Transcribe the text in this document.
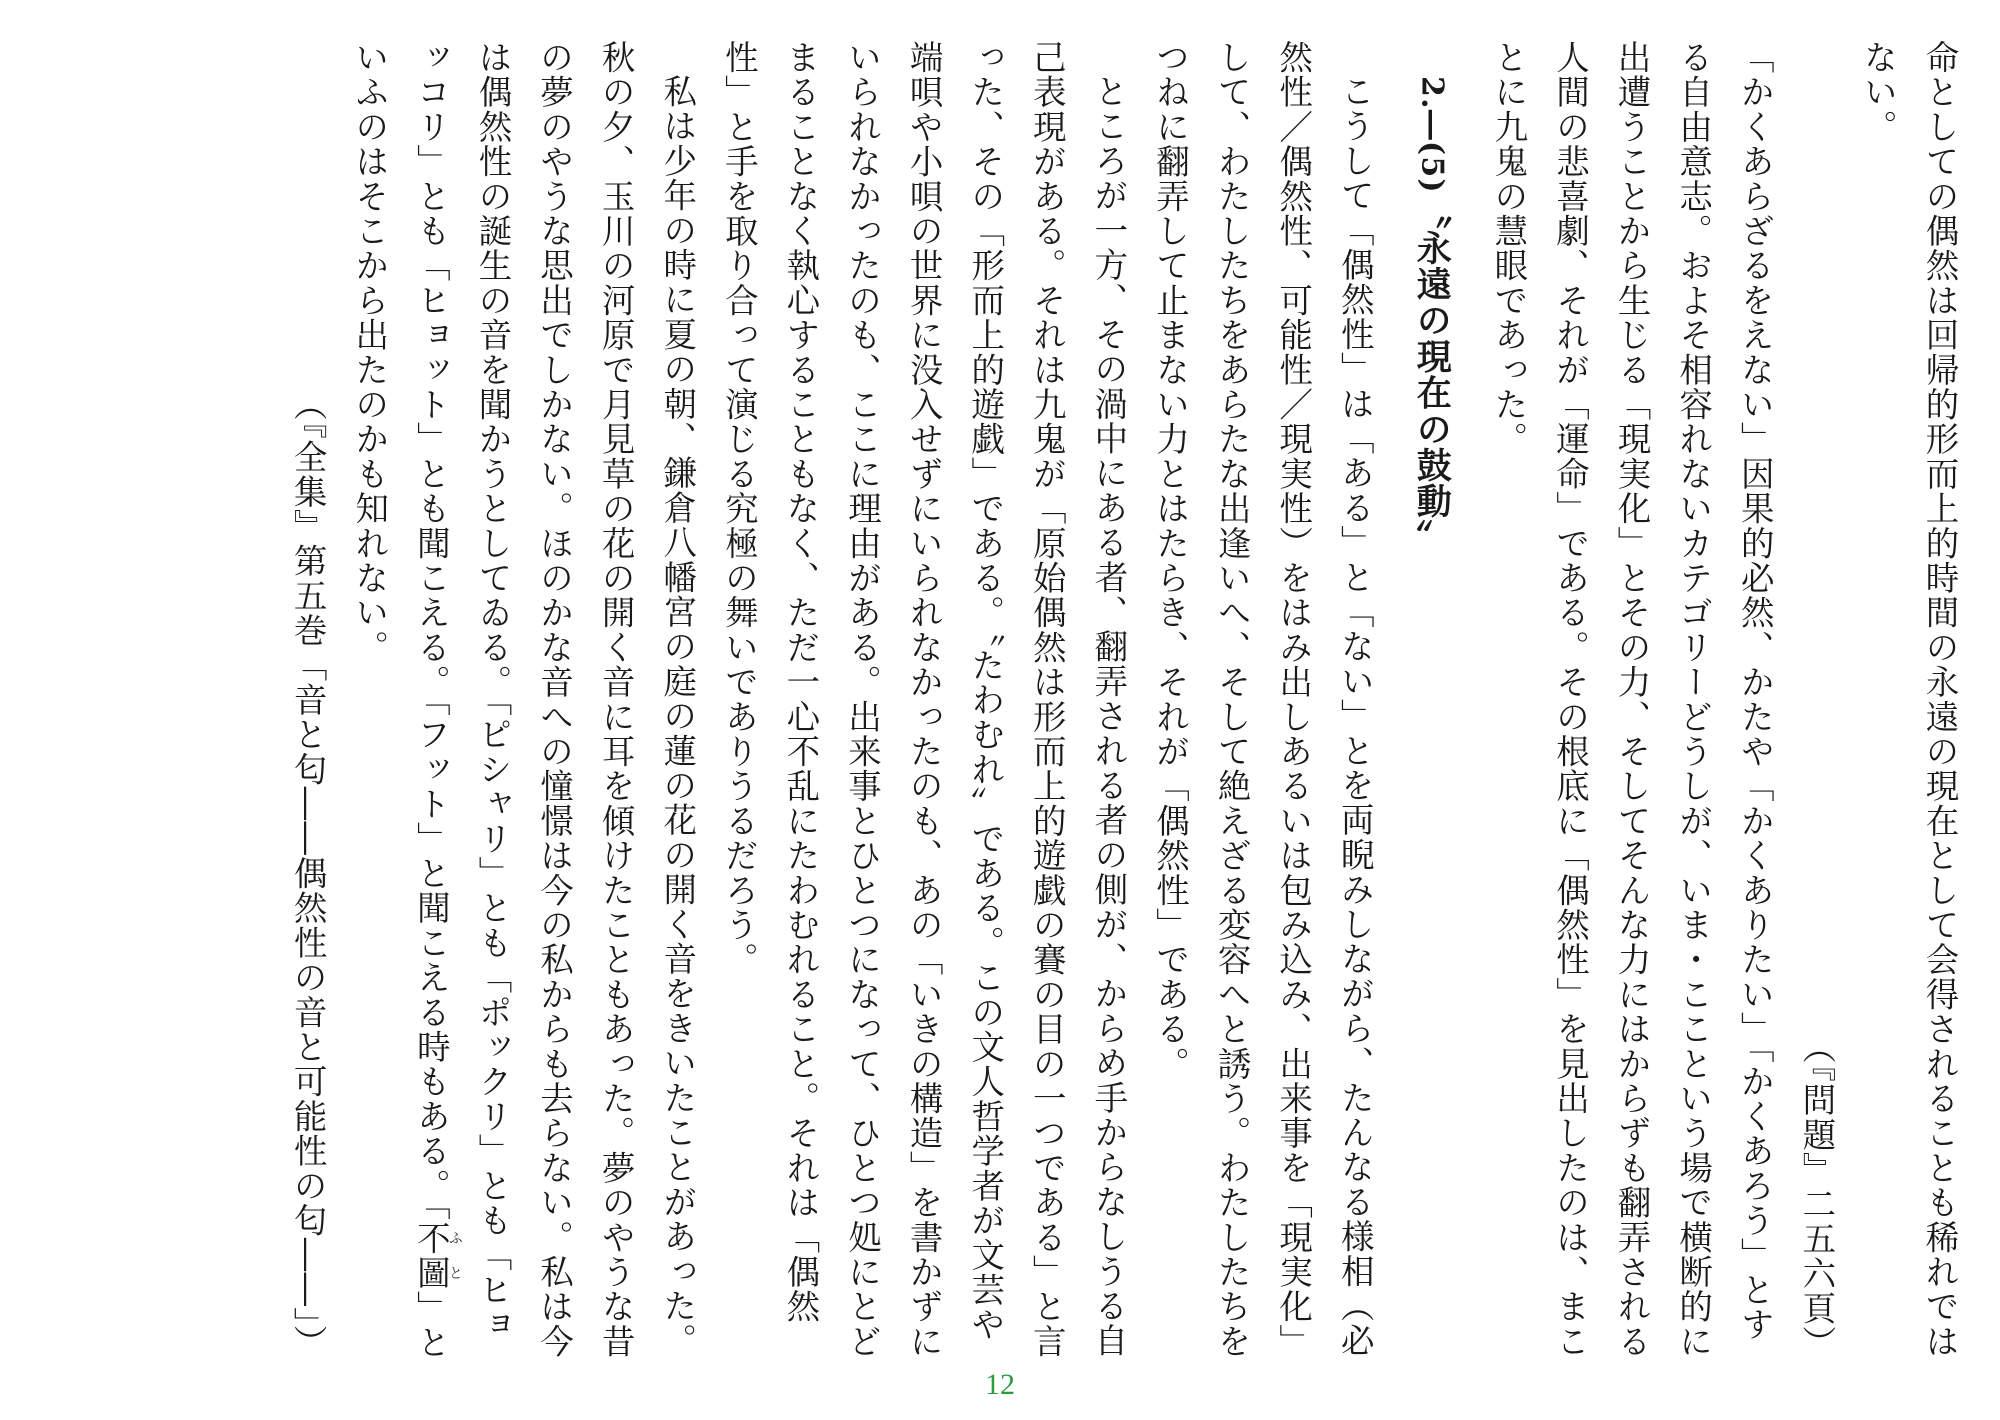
命としての偶然は回帰的形而上的時間の永遠の現在として会得されることも稀れではない。

（『問題』二五六頁）

「かくあらざるをえない」因果的必然、かたや「かくありたい」「かくあろう」とする自由意志。およそ相容れないカテゴリーどうしが、いま・ここという場で横断的に出遭うことから生じる「現実化」とその力、そしてそんな力にはからずも翻弄される人間の悲喜劇、それが「運命」である。その根底に「偶然性」を見出したのは、まことに九鬼の慧眼であった。

2.―(5)〝永遠の現在の鼓動〟

こうして「偶然性」は「ある」と「ない」とを両睨みしながら、たんなる様相（必然性／偶然性、可能性／現実性）をはみ出しあるいは包み込み、出来事を「現実化」して、わたしたちをあらたな出逢いへ、そして絶えざる変容へと誘う。わたしたちをつねに翻弄して止まない力とはたらき、それが「偶然性」である。

ところが一方、その渦中にある者、翻弄される者の側が、からめ手からなしうる自己表現がある。それは九鬼が「原始偶然は形而上的遊戯の賽の目の一つである」と言った、その「形而上的遊戯」である。〝たわむれ〟である。この文人哲学者が文芸や端唄や小唄の世界に没入せずにいられなかったのも、あの「いきの構造」を書かずにいられなかったのも、ここに理由がある。出来事とひとつになって、ひとつ処にとどまることなく執心することもなく、ただ一心不乱にたわむれること。それは「偶然性」と手を取り合って演じる究極の舞いでありうるだろう。

私は少年の時に夏の朝、鎌倉八幡宮の庭の蓮の花の開く音をきいたことがあった。秋の夕、玉川の河原で月見草の花の開く音に耳を傾けたこともあった。夢のやうな昔の夢のやうな思出でしかない。ほのかな音への憧憬は今の私からも去らない。私は今は偶然性の誕生の音を聞かうとしてゐる。「ピシャリ」とも「ポックリ」とも「ヒョッコリ」とも「ヒョット」とも聞こえる。「フット」と聞こえる時もある。「不圖ふと」といふのはそこから出たのかも知れない。

（『全集』第五巻「音と匂――偶然性の音と可能性の匂――」）

12
